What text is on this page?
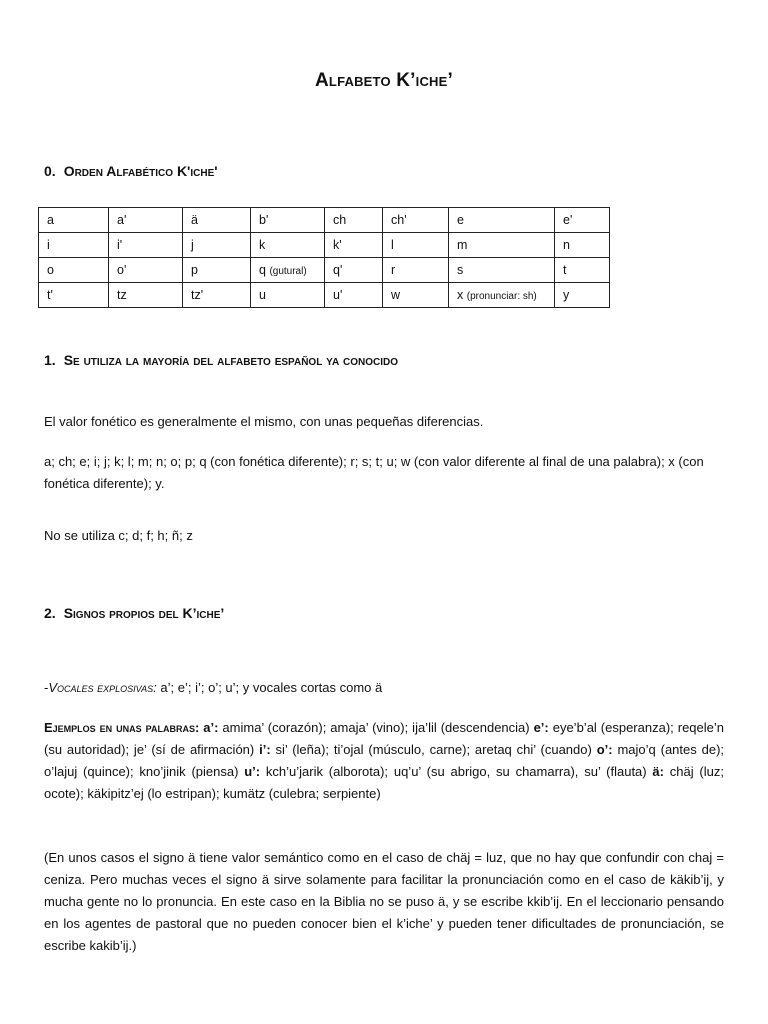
Alfabeto K’iche’
0. Orden Alfabético K'iche'
a	a'	ä	b'	ch	ch'	e	e'
i	i'	j	k	k'	l	m	n
o	o'	p	q (gutural)	q'	r	s	t
t'	tz	tz'	u	u'	w	x (pronunciar: sh)	y
1. Se utiliza la mayoría del alfabeto español ya conocido
El valor fonético es generalmente el mismo, con unas pequeñas diferencias.
a; ch; e; i; j; k; l; m; n; o; p; q (con fonética diferente); r; s; t; u; w (con valor diferente al final de una palabra); x (con fonética diferente); y.
No se utiliza c; d; f; h; ñ; z
2. Signos propios del K’iche’
-Vocales explosivas: a’; e’; i’; o’; u’; y vocales cortas como ä
Ejemplos en unas palabras: a’: amima’ (corazón); amaja’ (vino); ija’lil (descendencia) e’: eye’b’al (esperanza); reqele’n (su autoridad); je’ (sí de afirmación) i’: si’ (leña); ti’ojal (músculo, carne); aretaq chi’ (cuando) o’: majo’q (antes de); o’lajuj (quince); kno’jinik (piensa) u’: kch’u’jarik (alborota); uq’u’ (su abrigo, su chamarra), su’ (flauta) ä: chäj (luz; ocote); käkipitz’ej (lo estripan); kumätz (culebra; serpiente)
(En unos casos el signo ä tiene valor semántico como en el caso de chäj = luz, que no hay que confundir con chaj = ceniza. Pero muchas veces el signo ä sirve solamente para facilitar la pronunciación como en el caso de käkib’ij, y mucha gente no lo pronuncia. En este caso en la Biblia no se puso ä, y se escribe kkib’ij. En el leccionario pensando en los agentes de pastoral que no pueden conocer bien el k’iche’ y pueden tener dificultades de pronunciación, se escribe kakib’ij.)
